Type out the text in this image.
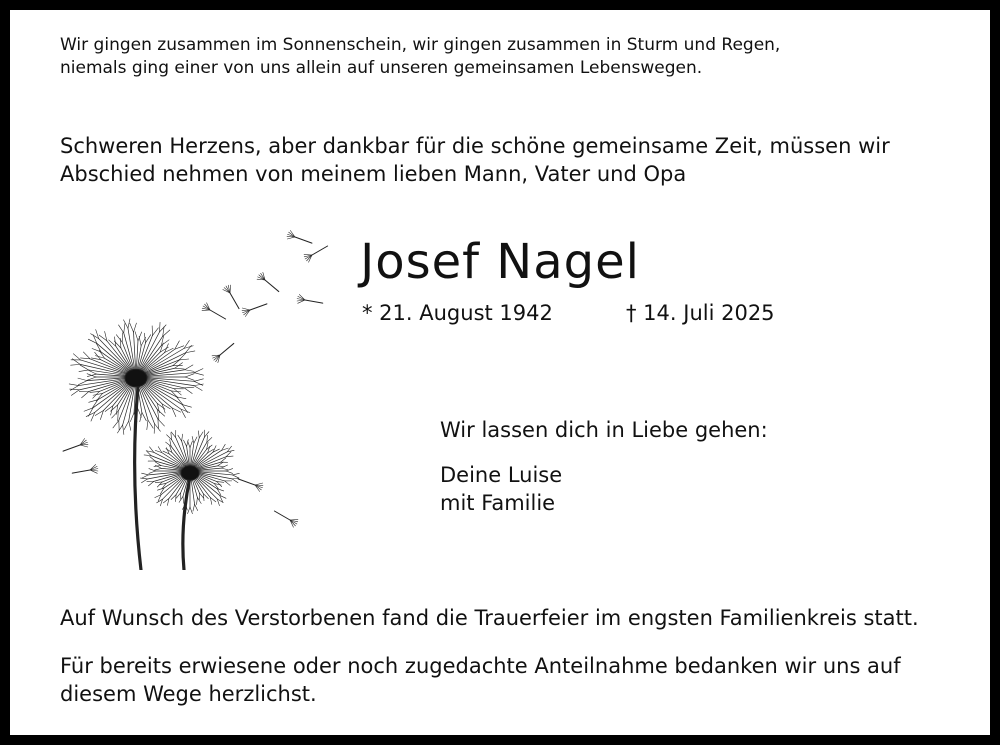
Wir gingen zusammen im Sonnenschein, wir gingen zusammen in Sturm und Regen,
niemals ging einer von uns allein auf unseren gemeinsamen Lebenswegen.

Schweren Herzens, aber dankbar für die schöne gemeinsame Zeit, müssen wir
Abschied nehmen von meinem lieben Mann, Vater und Opa

Josef Nagel
* 21. August 1942	† 14. Juli 2025

Wir lassen dich in Liebe gehen:

Deine Luise
mit Familie

Auf Wunsch des Verstorbenen fand die Trauerfeier im engsten Familienkreis statt.

Für bereits erwiesene oder noch zugedachte Anteilnahme bedanken wir uns auf
diesem Wege herzlichst.
